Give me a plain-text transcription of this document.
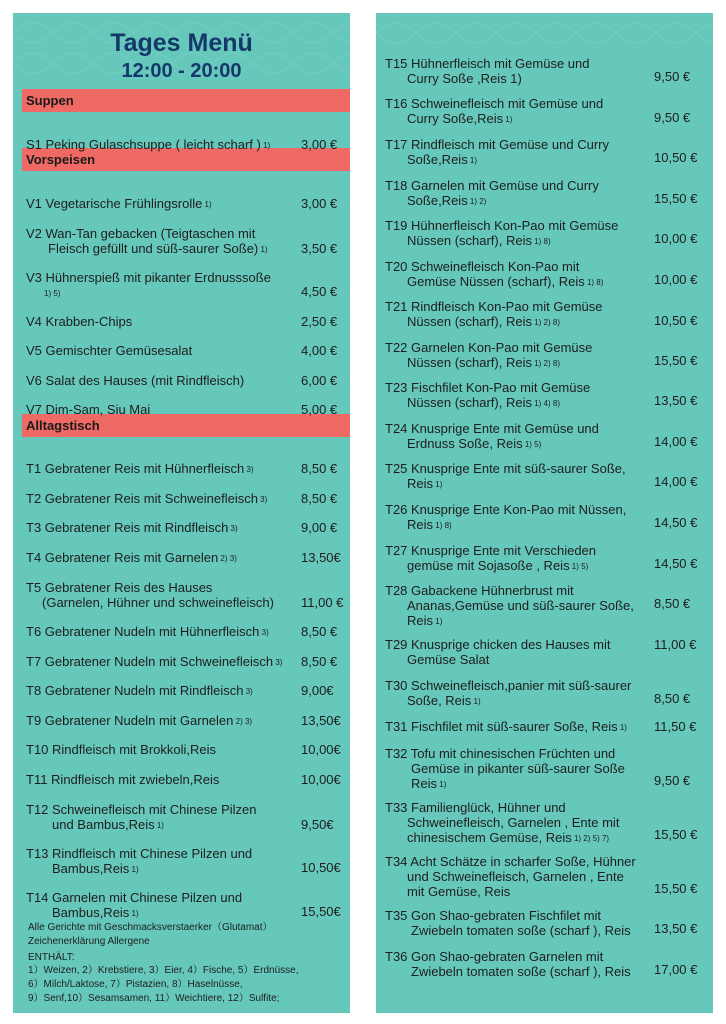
Tages Menü
12:00 - 20:00
Suppen
Vorspeisen
Alltagstisch
S1 Peking Gulaschsuppe ( leicht scharf ) 1) 3,00 €
V1 Vegetarische Frühlingsrolle 1)	3,00 €
V2 Wan-Tan gebacken (Teigtaschen mit
Fleisch gefüllt und süß-saurer Soße) 1)	3,50 €
V3 Hühnerspieß mit pikanter Erdnusssoße
1) 5)	4,50 €
V4 Krabben-Chips	2,50 €
V5 Gemischter Gemüsesalat	4,00 €
V6 Salat des Hauses (mit Rindfleisch)	6,00 €
V7 Dim-Sam, Siu Mai	5,00 €
T1 Gebratener Reis mit Hühnerfleisch 3)	8,50 €
T2 Gebratener Reis mit Schweinefleisch 3)	8,50 €
T3 Gebratener Reis mit Rindfleisch 3)	9,00 €
T4 Gebratener Reis mit Garnelen 2) 3)	13,50€
T5 Gebratener Reis des Hauses
(Garnelen, Hühner und schweinefleisch) 11,00 €
T6 Gebratener Nudeln mit Hühnerfleisch 3) 8,50 €
T7 Gebratener Nudeln mit Schweinefleisch 3) 8,50 €
T8 Gebratener Nudeln mit Rindfleisch 3)	9,00€
T9 Gebratener Nudeln mit Garnelen 2) 3)	13,50€
T10 Rindfleisch mit Brokkoli,Reis	10,00€
T11 Rindfleisch mit zwiebeln,Reis	10,00€
T12 Schweinefleisch mit Chinese Pilzen
und Bambus,Reis 1)	9,50€
T13 Rindfleisch mit Chinese Pilzen und
Bambus,Reis 1)	10,50€
T14 Garnelen mit Chinese Pilzen und
Bambus,Reis 1)	15,50€
Alle Gerichte mit Geschmacksverstaerker（Glutamat）
Zeichenerklärung Allergene
ENTHÄLT:
1）Weizen, 2）Krebstiere, 3）Eier, 4）Fische, 5）Erdnüsse,
6）Milch/Laktose, 7）Pistazien, 8）Haselnüsse,
9）Senf,10）Sesamsamen, 11）Weichtiere, 12）Sulfite;
T15 Hühnerfleisch mit Gemüse und
Curry Soße ,Reis 1)	9,50 €
T16 Schweinefleisch mit Gemüse und
Curry Soße,Reis 1)	9,50 €
T17 Rindfleisch mit Gemüse und Curry
Soße,Reis 1)	10,50 €
T18 Garnelen mit Gemüse und Curry
Soße,Reis 1) 2)	15,50 €
T19 Hühnerfleisch Kon-Pao mit Gemüse
Nüssen (scharf), Reis 1) 8)	10,00 €
T20 Schweinefleisch Kon-Pao mit
Gemüse Nüssen (scharf), Reis 1) 8)	10,00 €
T21 Rindfleisch Kon-Pao mit Gemüse
Nüssen (scharf), Reis 1) 2) 8)	10,50 €
T22 Garnelen Kon-Pao mit Gemüse
Nüssen (scharf), Reis 1) 2) 8)	15,50 €
T23 Fischfilet Kon-Pao mit Gemüse
Nüssen (scharf), Reis 1) 4) 8)	13,50 €
T24 Knusprige Ente mit Gemüse und
Erdnuss Soße, Reis 1) 5)	14,00 €
T25 Knusprige Ente mit süß-saurer Soße,
Reis 1)	14,00 €
T26 Knusprige Ente Kon-Pao mit Nüssen,
Reis 1) 8)	14,50 €
T27 Knusprige Ente mit Verschieden
gemüse mit Sojasoße , Reis 1) 5)	14,50 €
T28 Gabackene Hühnerbrust mit
Ananas,Gemüse und süß-saurer Soße,
Reis 1)
8,50 €
T29 Knusprige chicken des Hauses mit
Gemüse Salat
11,00 €
T30 Schweinefleisch,panier mit süß-saurer
Soße, Reis 1)	8,50 €
T31 Fischfilet mit süß-saurer Soße, Reis 1) 11,50 €
T32 Tofu mit chinesischen Früchten und
Gemüse in pikanter süß-saurer Soße
Reis 1)	9,50 €
T33 Familienglück, Hühner und
Schweinefleisch, Garnelen , Ente mit
chinesischem Gemüse, Reis 1) 2) 5) 7)	15,50 €
T34 Acht Schätze in scharfer Soße, Hühner
und Schweinefleisch, Garnelen , Ente
mit Gemüse, Reis	15,50 €
T35 Gon Shao-gebraten Fischfilet mit
Zwiebeln tomaten soße (scharf ), Reis 13,50 €
T36 Gon Shao-gebraten Garnelen mit
Zwiebeln tomaten soße (scharf ), Reis 17,00 €
